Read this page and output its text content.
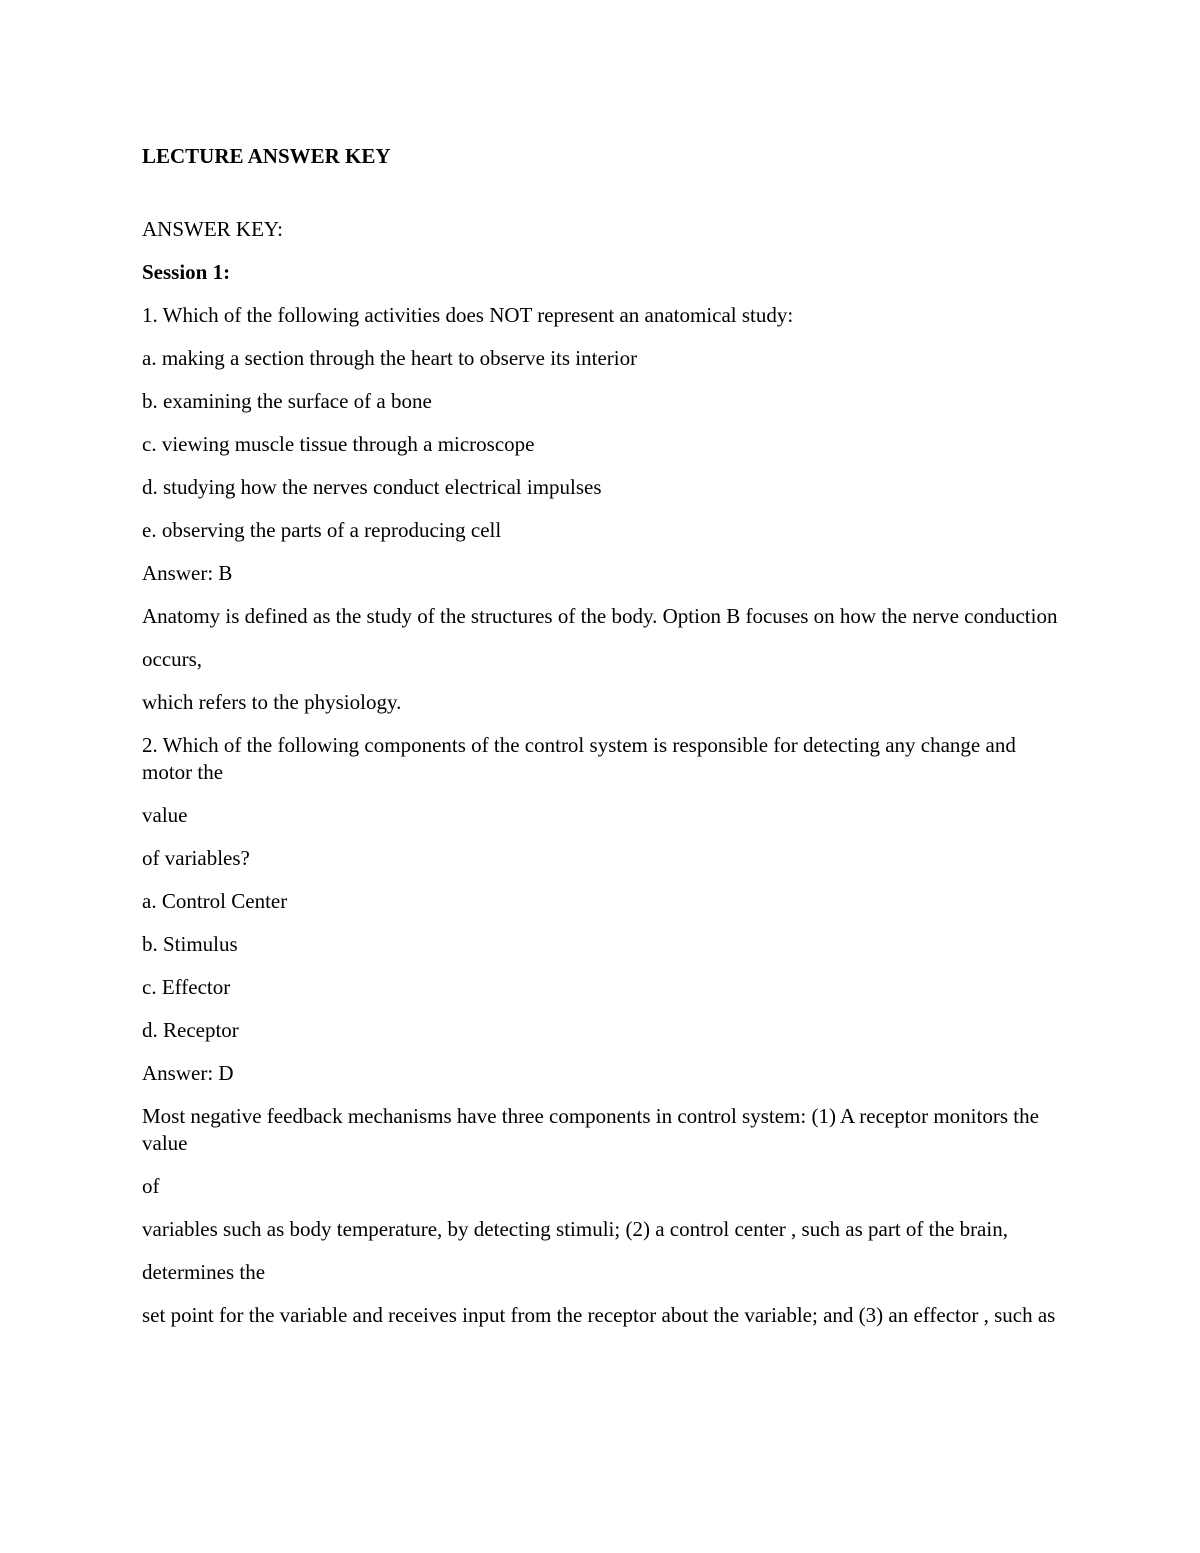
LECTURE ANSWER KEY
ANSWER KEY:
Session 1:
1. Which of the following activities does NOT represent an anatomical study:
a. making a section through the heart to observe its interior
b. examining the surface of a bone
c. viewing muscle tissue through a microscope
d. studying how the nerves conduct electrical impulses
e. observing the parts of a reproducing cell
Answer: B
Anatomy is defined as the study of the structures of the body. Option B focuses on how the nerve conduction
occurs,
which refers to the physiology.
2. Which of the following components of the control system is responsible for detecting any change and motor the
value
of variables?
a. Control Center
b. Stimulus
c. Effector
d. Receptor
Answer: D
Most negative feedback mechanisms have three components in control system: (1) A receptor monitors the value
of
variables such as body temperature, by detecting stimuli; (2) a control center , such as part of the brain,
determines the
set point for the variable and receives input from the receptor about the variable; and (3) an effector , such as
